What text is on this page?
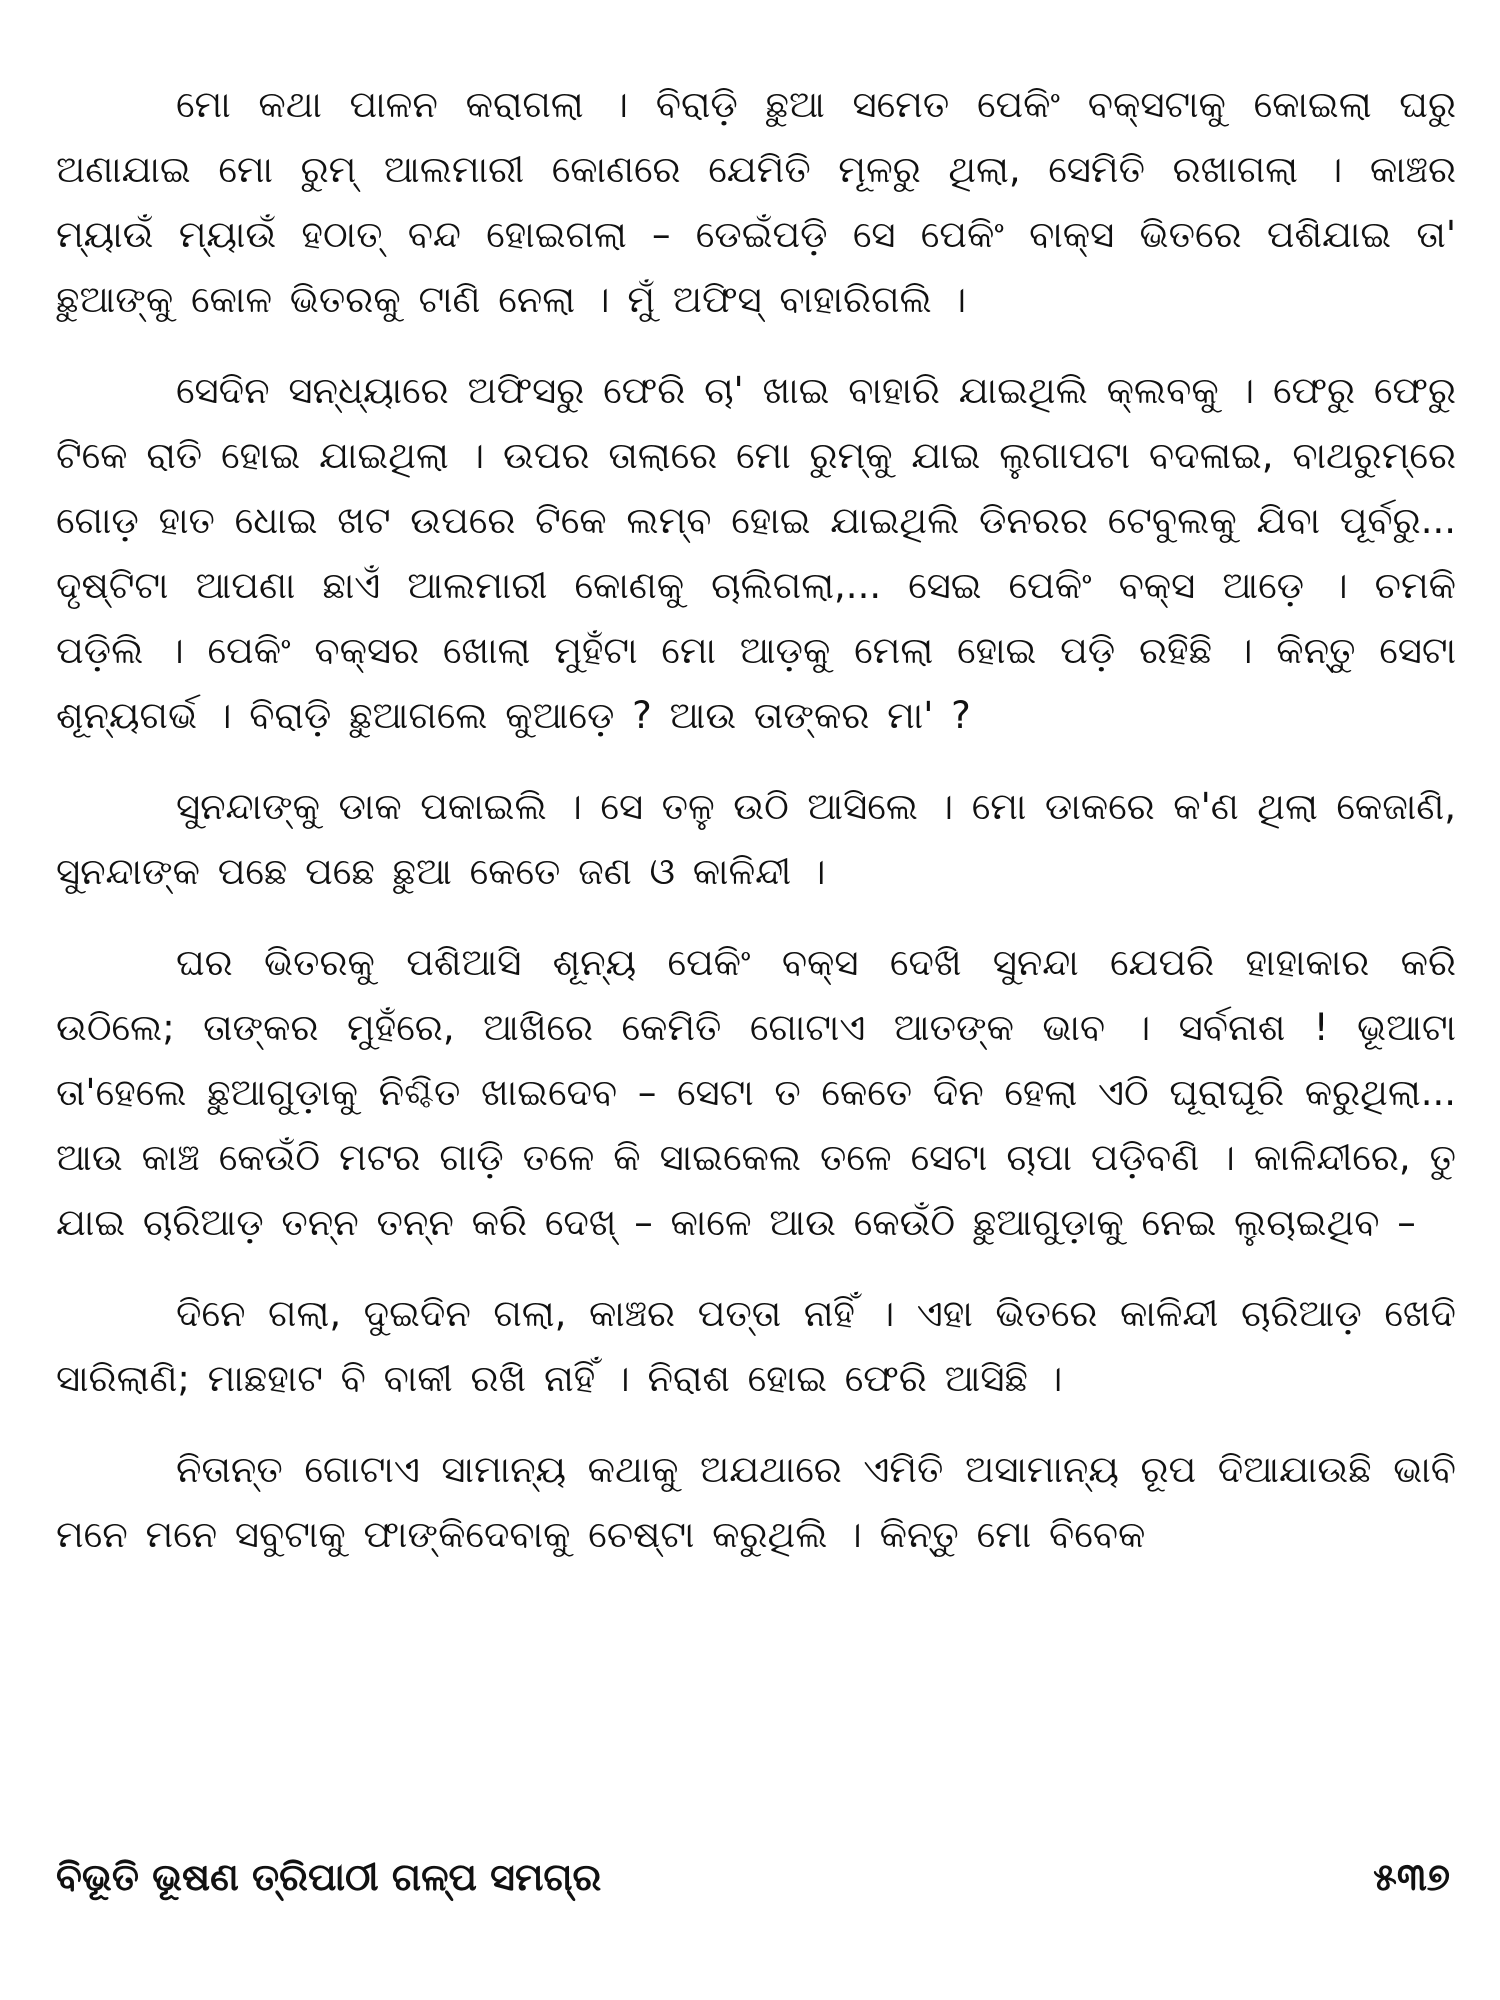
ମୋ କଥା ପାଳନ କରାଗଲା । ବିରାଡ଼ି ଛୁଆ ସମେତ ପେକିଂ ବକ୍ସଟାକୁ କୋଇଲା ଘରୁ ଅଣାଯାଇ ମୋ ରୁମ୍ ଆଲମାରୀ କୋଣରେ ଯେମିତି ମୂଳରୁ ଥିଲା, ସେମିତି ରଖାଗଲା । କାଞ୍ଚର ମ୍ୟାଉଁ ମ୍ୟାଉଁ ହଠାତ୍ ବନ୍ଦ ହୋଇଗଲା – ଡେଇଁପଡ଼ି ସେ ପେକିଂ ବାକ୍ସ ଭିତରେ ପଶିଯାଇ ତା' ଛୁଆଙ୍କୁ କୋଳ ଭିତରକୁ ଟାଣି ନେଲା । ମୁଁ ଅଫିସ୍ ବାହାରିଗଲି ।

ସେଦିନ ସନ୍ଧ୍ୟାରେ ଅଫିସରୁ ଫେରି ଚା' ଖାଇ ବାହାରି ଯାଇଥିଲି କ୍ଲବକୁ । ଫେରୁ ଫେରୁ ଟିକେ ରାତି ହୋଇ ଯାଇଥିଲା । ଉପର ତାଲାରେ ମୋ ରୁମ୍‌କୁ ଯାଇ ଲୁଗାପଟା ବଦଳାଇ, ବାଥରୁମ୍‌ରେ ଗୋଡ଼ ହାତ ଧୋଇ ଖଟ ଉପରେ ଟିକେ ଲମ୍ବ ହୋଇ ଯାଇଥିଲି ଡିନରର ଟେବୁଲକୁ ଯିବା ପୂର୍ବରୁ... ଦୃଷ୍ଟିଟା ଆପଣା ଛାଏଁ ଆଲମାରୀ କୋଣକୁ ଚାଲିଗଲା,... ସେଇ ପେକିଂ ବକ୍ସ ଆଡ଼େ । ଚମକି ପଡ଼ିଲି । ପେକିଂ ବକ୍ସର ଖୋଲା ମୁହଁଟା ମୋ ଆଡ଼କୁ ମେଲା ହୋଇ ପଡ଼ି ରହିଛି । କିନ୍ତୁ ସେଟା ଶୂନ୍ୟଗର୍ଭ । ବିରାଡ଼ି ଛୁଆଗଲେ କୁଆଡ଼େ ? ଆଉ ତାଙ୍କର ମା' ?

ସୁନନ୍ଦାଙ୍କୁ ଡାକ ପକାଇଲି । ସେ ତଳୁ ଉଠି ଆସିଲେ । ମୋ ଡାକରେ କ'ଣ ଥିଲା କେଜାଣି, ସୁନନ୍ଦାଙ୍କ ପଛେ ପଛେ ଛୁଆ କେତେ ଜଣ ଓ କାଳିନ୍ଦୀ ।

ଘର ଭିତରକୁ ପଶିଆସି ଶୂନ୍ୟ ପେକିଂ ବକ୍ସ ଦେଖି ସୁନନ୍ଦା ଯେପରି ହାହାକାର କରି ଉଠିଲେ; ତାଙ୍କର ମୁହଁରେ, ଆଖିରେ କେମିତି ଗୋଟାଏ ଆତଙ୍କ ଭାବ । ସର୍ବନାଶ ! ଭୂଆଟା ତା'ହେଲେ ଛୁଆଗୁଡ଼ାକୁ ନିଶ୍ଚିତ ଖାଇଦେବ – ସେଟା ତ କେତେ ଦିନ ହେଲା ଏଠି ଘୂରାଘୂରି କରୁଥିଲା... ଆଉ କାଞ୍ଚ କେଉଁଠି ମଟର ଗାଡ଼ି ତଳେ କି ସାଇକେଲ ତଳେ ସେଟା ଚାପା ପଡ଼ିବଣି । କାଳିନ୍ଦୀରେ, ତୁ ଯାଇ ଚାରିଆଡ଼ ତନ୍ନ ତନ୍ନ କରି ଦେଖ୍ – କାଳେ ଆଉ କେଉଁଠି ଛୁଆଗୁଡ଼ାକୁ ନେଇ ଲୁଚାଇଥିବ –

ଦିନେ ଗଲା, ଦୁଇଦିନ ଗଲା, କାଞ୍ଚର ପତ୍ତା ନାହିଁ । ଏହା ଭିତରେ କାଳିନ୍ଦୀ ଚାରିଆଡ଼ ଖେଦି ସାରିଲାଣି; ମାଛହାଟ ବି ବାକୀ ରଖି ନାହିଁ । ନିରାଶ ହୋଇ ଫେରି ଆସିଛି ।

ନିତାନ୍ତ ଗୋଟାଏ ସାମାନ୍ୟ କଥାକୁ ଅଯଥାରେ ଏମିତି ଅସାମାନ୍ୟ ରୂପ ଦିଆଯାଉଛି ଭାବି ମନେ ମନେ ସବୁଟାକୁ ଫାଙ୍କିଦେବାକୁ ଚେଷ୍ଟା କରୁଥିଲି । କିନ୍ତୁ ମୋ ବିବେକ

ବିଭୂତି ଭୂଷଣ ତ୍ରିପାଠୀ ଗଳ୍ପ ସମଗ୍ର	୫୩୭
